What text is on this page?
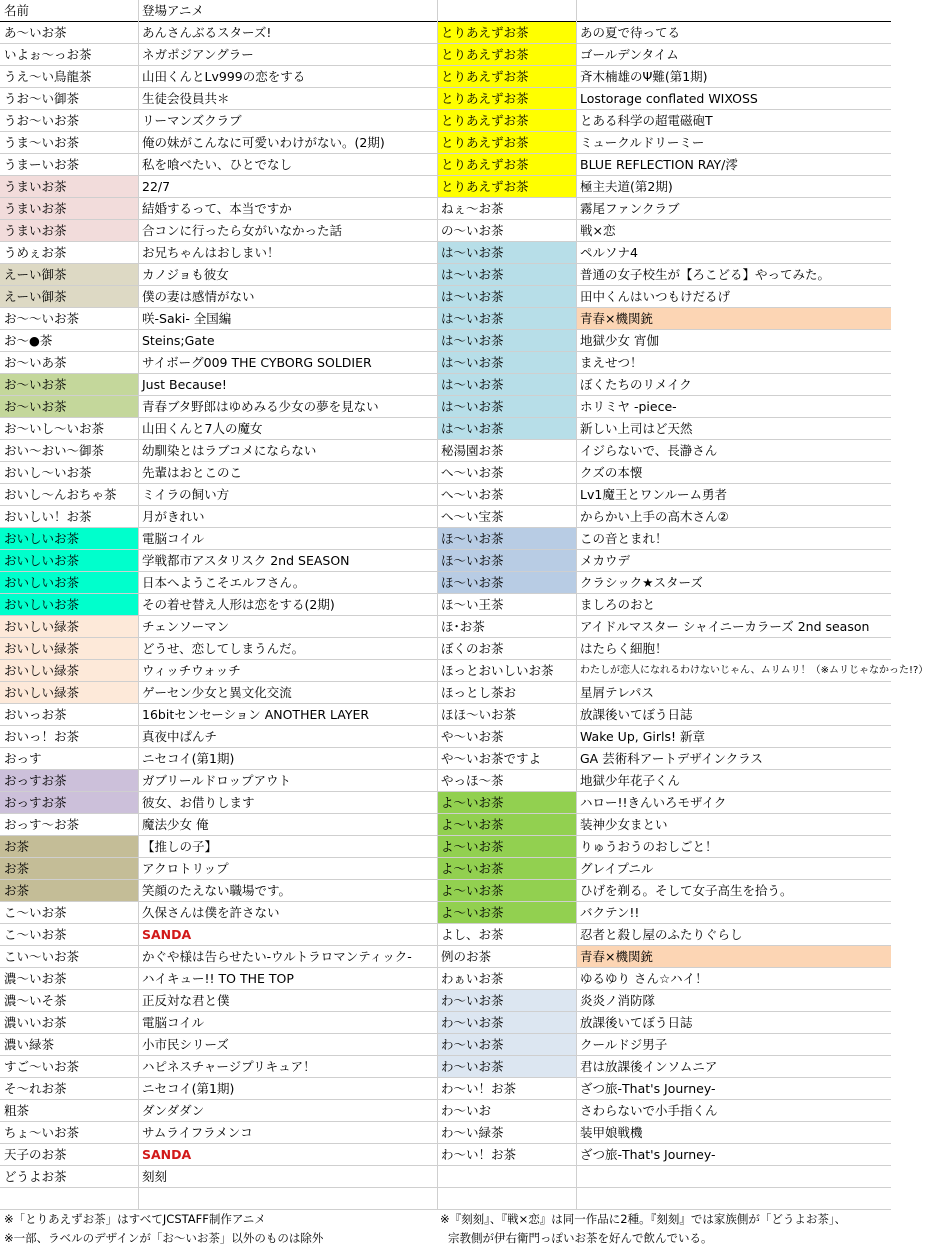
名前	登場アニメ
あ〜いお茶	あんさんぶるスターズ!	とりあえずお茶	あの夏で待ってる
いよぉ〜っお茶	ネガポジアングラー	とりあえずお茶	ゴールデンタイム
うえ〜い鳥龍茶	山田くんとLv999の恋をする	とりあえずお茶	斉木楠雄のΨ難(第1期)
うお〜い御茶	生徒会役員共＊	とりあえずお茶	Lostorage conflated WIXOSS
うお〜いお茶	リーマンズクラブ	とりあえずお茶	とある科学の超電磁砲T
うま〜いお茶	俺の妹がこんなに可愛いわけがない。(2期)	とりあえずお茶	ミュークルドリーミー
うまーいお茶	私を喰べたい、ひとでなし	とりあえずお茶	BLUE REFLECTION RAY/澪
うまいお茶	22/7	とりあえずお茶	極主夫道(第2期)
うまいお茶	結婚するって、本当ですか	ねぇ〜お茶	霧尾ファンクラブ
うまいお茶	合コンに行ったら女がいなかった話	の〜いお茶	戦×恋
うめぇお茶	お兄ちゃんはおしまい！	は〜いお茶	ペルソナ4
えーい御茶	カノジョも彼女	は〜いお茶	普通の女子校生が【ろこどる】やってみた。
えーい御茶	僕の妻は感情がない	は〜いお茶	田中くんはいつもけだるげ
お〜〜いお茶	咲-Saki- 全国編	は〜いお茶	青春×機関銃
お〜●茶	Steins;Gate	は〜いお茶	地獄少女 宵伽
お〜いあ茶	サイボーグ009 THE CYBORG SOLDIER	は〜いお茶	まえせつ！
お〜いお茶	Just Because!	は〜いお茶	ぼくたちのリメイク
お〜いお茶	青春ブタ野郎はゆめみる少女の夢を見ない	は〜いお茶	ホリミヤ -piece-
お〜いし〜いお茶	山田くんと7人の魔女	は〜いお茶	新しい上司はど天然
おい〜おい〜御茶	幼馴染とはラブコメにならない	秘湯園お茶	イジらないで、長瀞さん
おいし〜いお茶	先輩はおとこのこ	へ〜いお茶	クズの本懐
おいし〜んおちゃ茶	ミイラの飼い方	へ〜いお茶	Lv1魔王とワンルーム勇者
おいしい！お茶	月がきれい	へ〜い宝茶	からかい上手の高木さん②
おいしいお茶	電脳コイル	ほ〜いお茶	この音とまれ！
おいしいお茶	学戦都市アスタリスク 2nd SEASON	ほ〜いお茶	メカウデ
おいしいお茶	日本へようこそエルフさん。	ほ〜いお茶	クラシック★スターズ
おいしいお茶	その着せ替え人形は恋をする(2期)	ほ〜い王茶	ましろのおと
おいしい緑茶	チェンソーマン	ほ･お茶	アイドルマスター シャイニーカラーズ 2nd season
おいしい緑茶	どうせ、恋してしまうんだ。	ぼくのお茶	はたらく細胞！
おいしい緑茶	ウィッチウォッチ	ほっとおいしいお茶	わたしが恋人になれるわけないじゃん、ムリムリ！（※ムリじゃなかった!?）
おいしい緑茶	ゲーセン少女と異文化交流	ほっとし茶お	星屑テレパス
おいっお茶	16bitセンセーション ANOTHER LAYER	ほほ〜いお茶	放課後いてぼう日誌
おいっ！お茶	真夜中ぱんチ	や〜いお茶	Wake Up, Girls! 新章
おっす	ニセコイ(第1期)	や〜いお茶ですよ	GA 芸術科アートデザインクラス
おっすお茶	ガブリールドロップアウト	やっほ〜茶	地獄少年花子くん
おっすお茶	彼女、お借りします	よ〜いお茶	ハロー!!きんいろモザイク
おっす〜お茶	魔法少女 俺	よ〜いお茶	装神少女まとい
お茶	【推しの子】	よ〜いお茶	りゅうおうのおしごと！
お茶	アクロトリップ	よ〜いお茶	グレイプニル
お茶	笑顔のたえない職場です。	よ〜いお茶	ひげを剃る。そして女子高生を拾う。
こ〜いお茶	久保さんは僕を許さない	よ〜いお茶	バクテン!!
こ〜いお茶	SANDA	よし、お茶	忍者と殺し屋のふたりぐらし
こい〜いお茶	かぐや様は告らせたい-ウルトラロマンティック-	例のお茶	青春×機関銃
濃〜いお茶	ハイキュー!! TO THE TOP	わぁいお茶	ゆるゆり さん☆ハイ！
濃〜いそ茶	正反対な君と僕	わ〜いお茶	炎炎ノ消防隊
濃いいお茶	電脳コイル	わ〜いお茶	放課後いてぼう日誌
濃い緑茶	小市民シリーズ	わ〜いお茶	クールドジ男子
すご〜いお茶	ハピネスチャージプリキュア！	わ〜いお茶	君は放課後インソムニア
そ〜れお茶	ニセコイ(第1期)	わ〜い！お茶	ざつ旅-That's Journey-
粗茶	ダンダダン	わ〜いお	さわらないで小手指くん
ちょ〜いお茶	サムライフラメンコ	わ〜い緑茶	装甲娘戦機
天子のお茶	SANDA	わ〜い！お茶	ざつ旅-That's Journey-
どうよお茶	刻刻
※「とりあえずお茶」はすべてJCSTAFF制作アニメ
※一部、ラベルのデザインが「お〜いお茶」以外のものは除外
※『刻刻』、『戦×恋』は同一作品に2種。『刻刻』では家族側が「どうよお茶」、
宗教側が伊右衛門っぽいお茶を好んで飲んでいる。
